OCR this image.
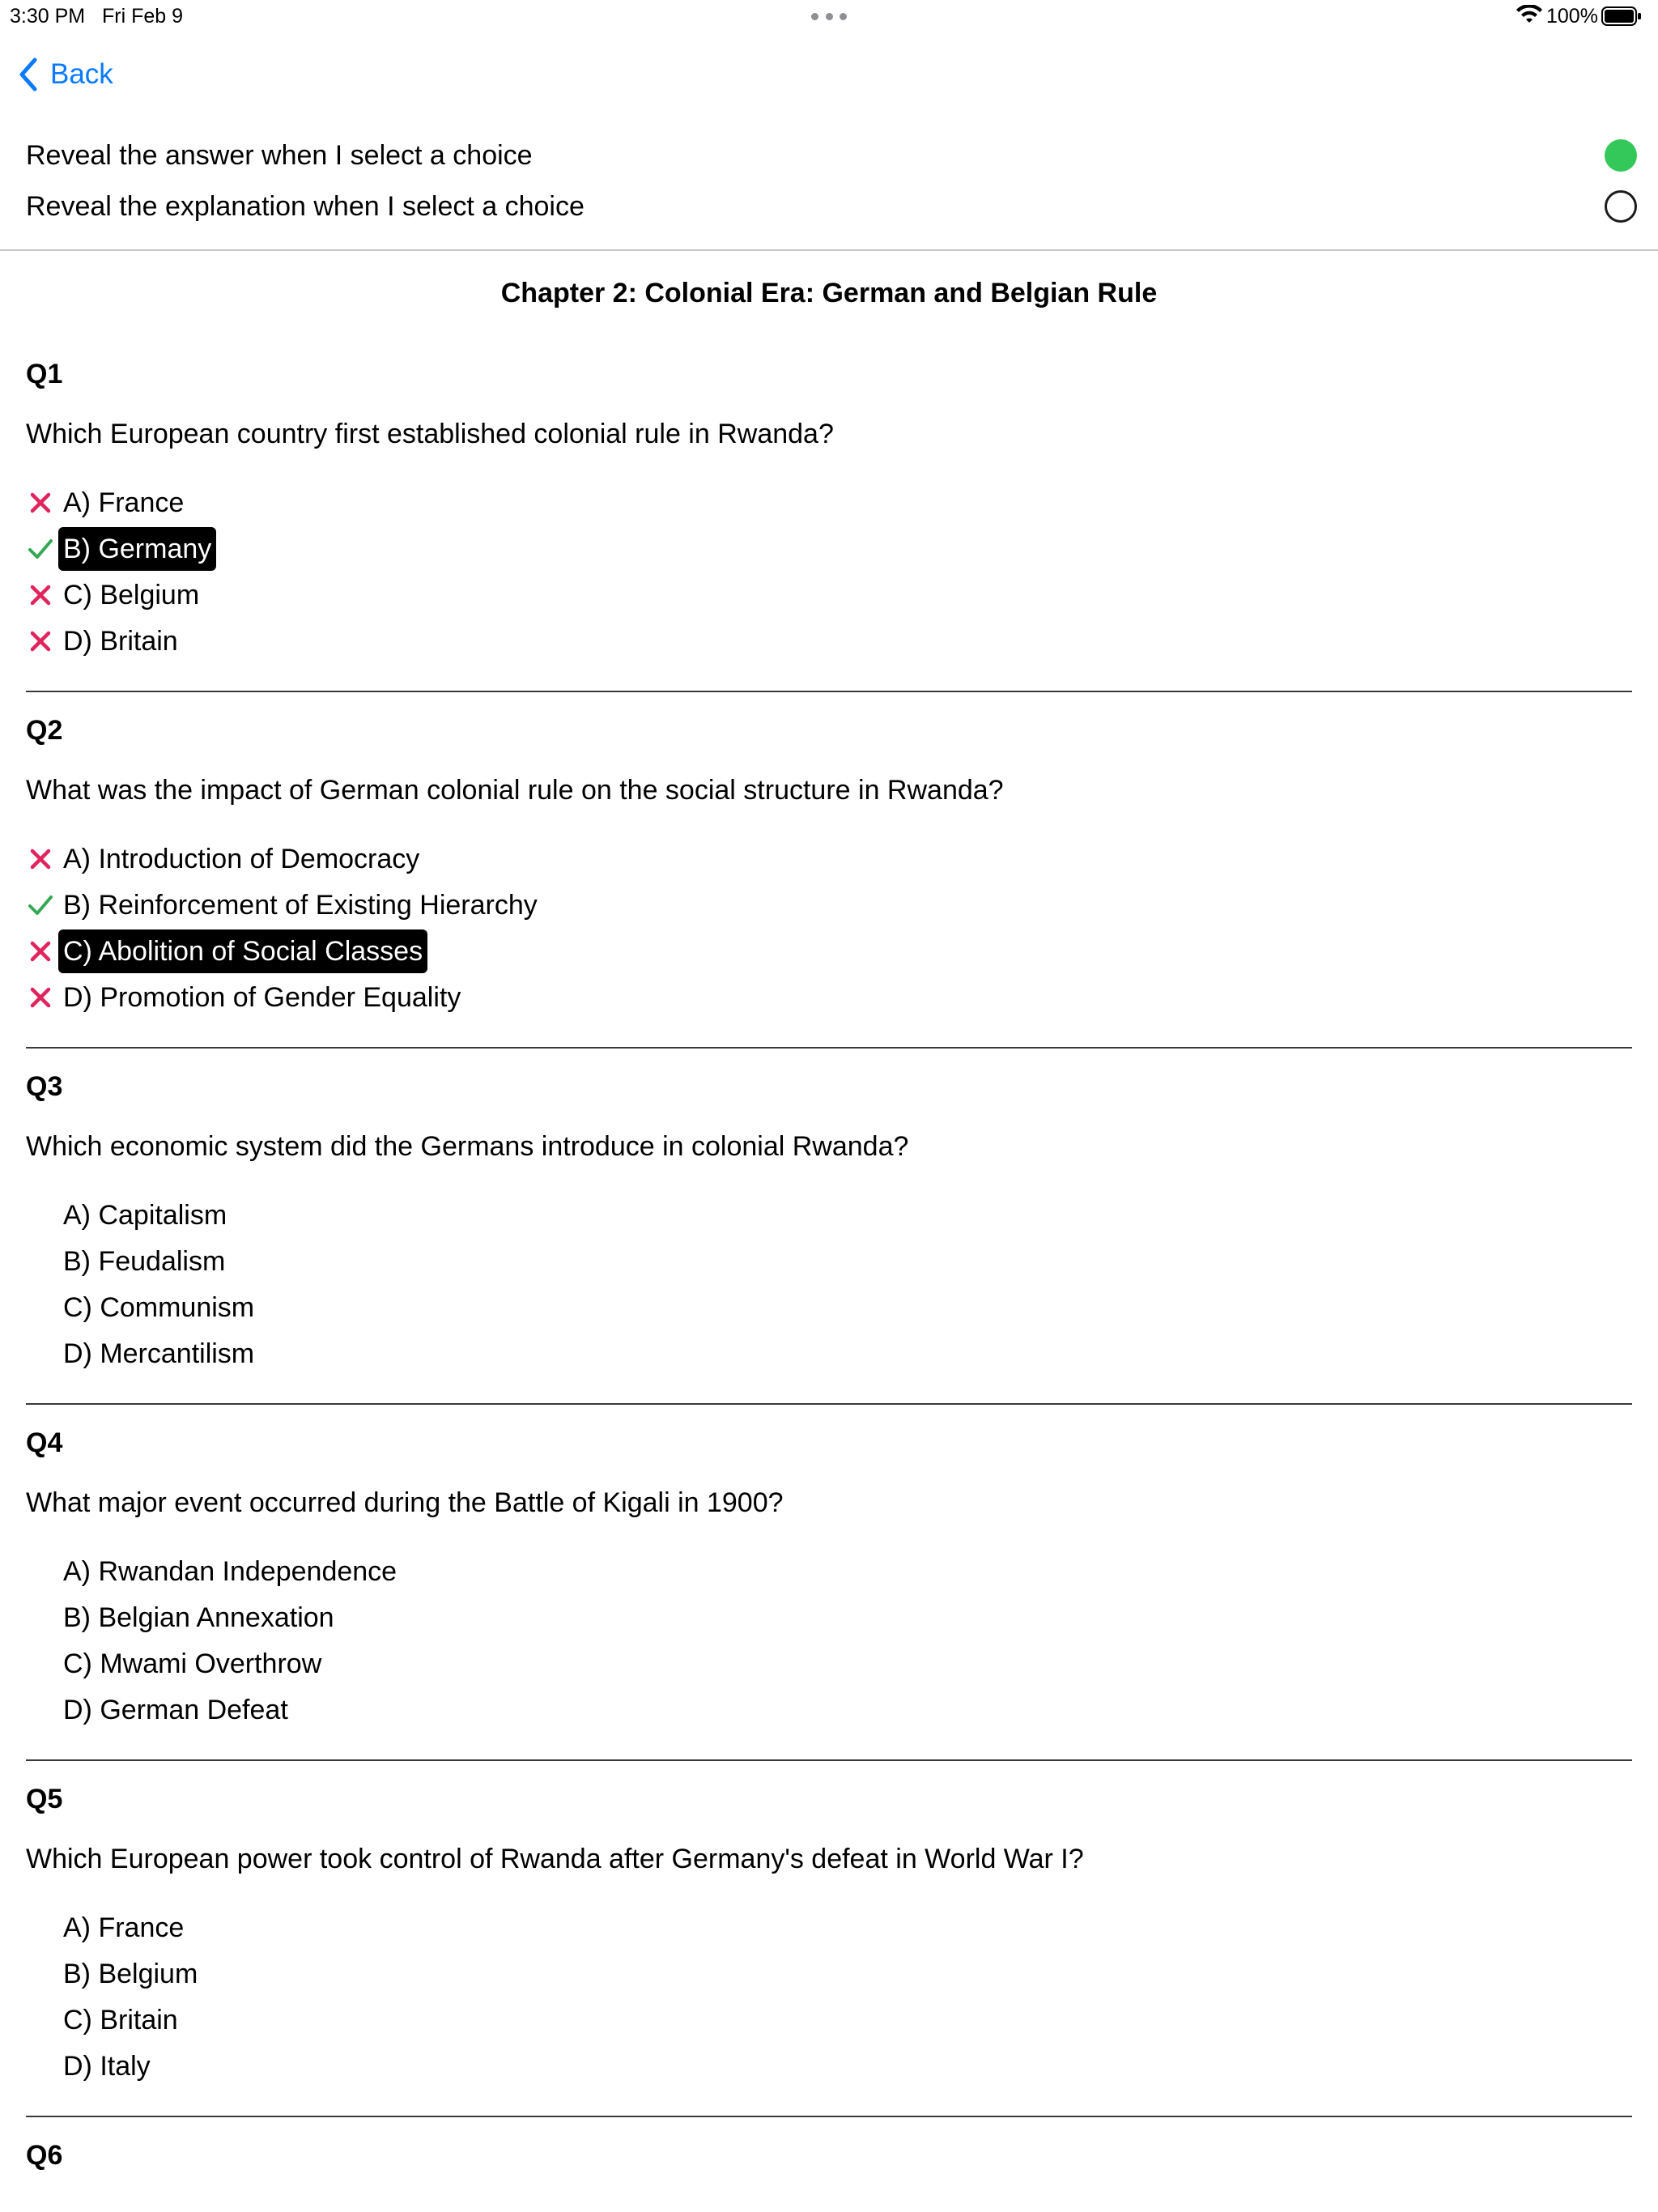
3:30 PM Fri Feb 9	100%
Back
Reveal the answer when I select a choice
Reveal the explanation when I select a choice
Chapter 2: Colonial Era: German and Belgian Rule
Q1
Which European country first established colonial rule in Rwanda?
A) France
B) Germany
C) Belgium
D) Britain
Q2
What was the impact of German colonial rule on the social structure in Rwanda?
A) Introduction of Democracy
B) Reinforcement of Existing Hierarchy
C) Abolition of Social Classes
D) Promotion of Gender Equality
Q3
Which economic system did the Germans introduce in colonial Rwanda?
A) Capitalism
B) Feudalism
C) Communism
D) Mercantilism
Q4
What major event occurred during the Battle of Kigali in 1900?
A) Rwandan Independence
B) Belgian Annexation
C) Mwami Overthrow
D) German Defeat
Q5
Which European power took control of Rwanda after Germany's defeat in World War I?
A) France
B) Belgium
C) Britain
D) Italy
Q6
